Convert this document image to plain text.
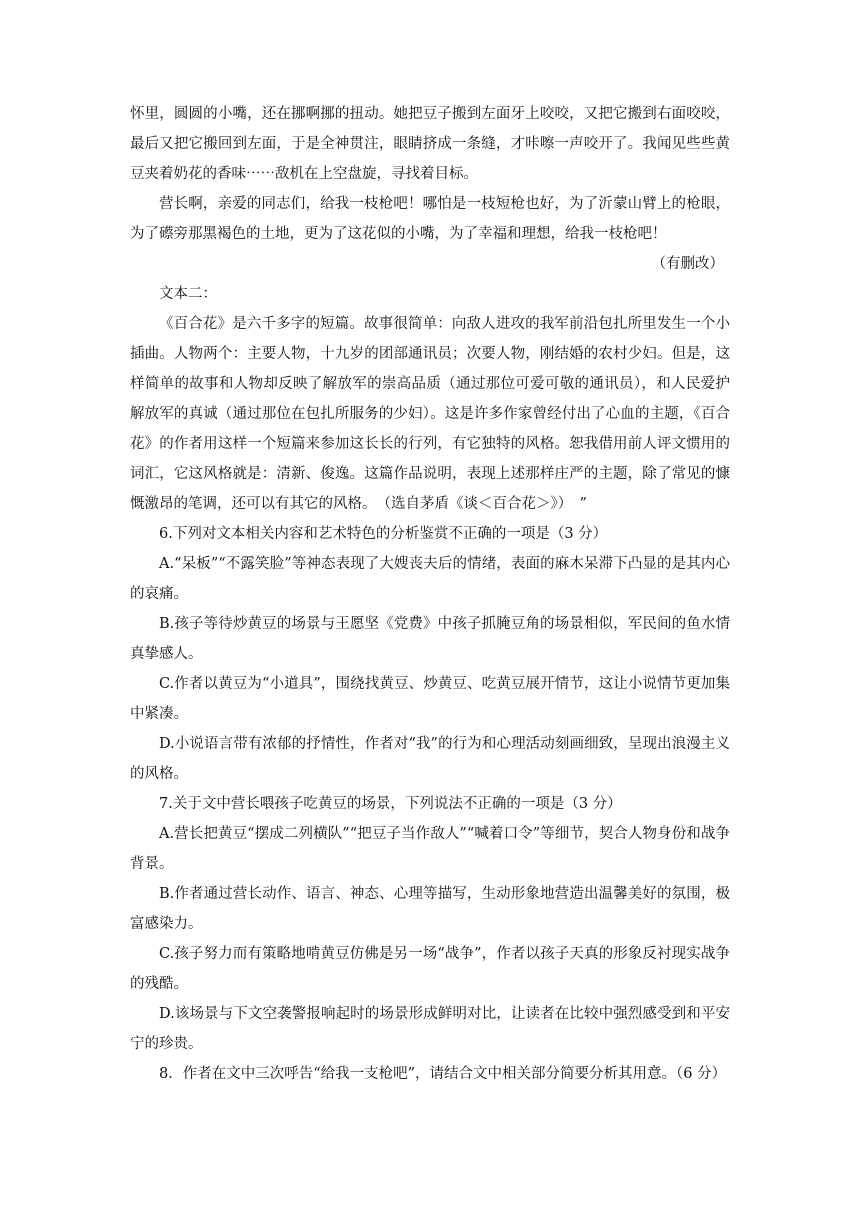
怀里，圆圆的小嘴，还在挪啊挪的扭动。她把豆子搬到左面牙上咬咬，又把它搬到右面咬咬，最后又把它搬回到左面，于是全神贯注，眼睛挤成一条缝，才咔嚓一声咬开了。我闻见些些黄豆夹着奶花的香味⋯⋯敌机在上空盘旋，寻找着目标。

营长啊，亲爱的同志们，给我一枝枪吧！哪怕是一枝短枪也好，为了沂蒙山臂上的枪眼，为了礤旁那黑褐色的土地，更为了这花似的小嘴，为了幸福和理想，给我一枝枪吧！

（有删改）

文本二：

《百合花》是六千多字的短篇。故事很简单：向敌人进攻的我军前沿包扎所里发生一个小插曲。人物两个：主要人物，十九岁的团部通讯员；次要人物，刚结婚的农村少妇。但是，这样简单的故事和人物却反映了解放军的崇高品质（通过那位可爱可敬的通讯员），和人民爱护解放军的真诚（通过那位在包扎所服务的少妇）。这是许多作家曾经付出了心血的主题，《百合花》的作者用这样一个短篇来参加这长长的行列，有它独特的风格。恕我借用前人评文惯用的词汇，它这风格就是：清新、俊逸。这篇作品说明，表现上述那样庄严的主题，除了常见的慷慨激昂的笔调，还可以有其它的风格。　（选自茅盾《谈＜百合花＞》）　”

6.下列对文本相关内容和艺术特色的分析鉴赏不正确的一项是（3 分）

A.“呆板”“不露笑脸”等神态表现了大嫂丧夫后的情绪，表面的麻木呆滞下凸显的是其内心的哀痛。

B.孩子等待炒黄豆的场景与王愿坚《党费》中孩子抓腌豆角的场景相似，军民间的鱼水情真挚感人。

C.作者以黄豆为“小道具”，围绕找黄豆、炒黄豆、吃黄豆展开情节，这让小说情节更加集中紧凑。

D.小说语言带有浓郁的抒情性，作者对“我”的行为和心理活动刻画细致，呈现出浪漫主义的风格。

7.关于文中营长喂孩子吃黄豆的场景，下列说法不正确的一项是（3 分）

A.营长把黄豆“摆成二列横队”“把豆子当作敌人”“喊着口令”等细节，契合人物身份和战争背景。

B.作者通过营长动作、语言、神态、心理等描写，生动形象地营造出温馨美好的氛围，极富感染力。

C.孩子努力而有策略地啃黄豆仿佛是另一场“战争”，作者以孩子天真的形象反衬现实战争的残酷。

D.该场景与下文空袭警报响起时的场景形成鲜明对比，让读者在比较中强烈感受到和平安宁的珍贵。

8．作者在文中三次呼告“给我一支枪吧”，请结合文中相关部分简要分析其用意。（6 分）
